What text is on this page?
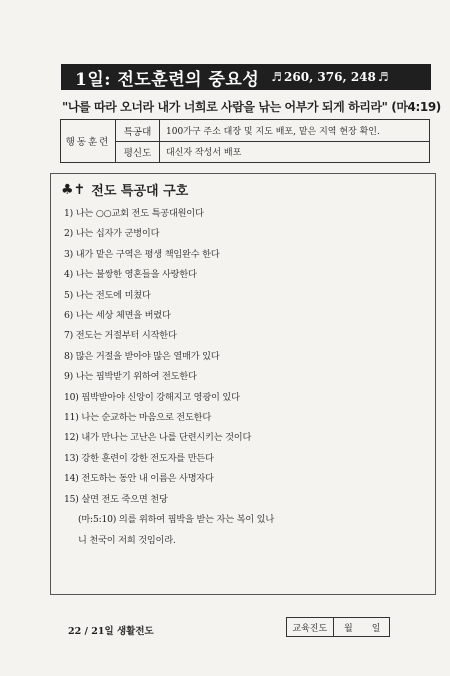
1일: 전도훈련의 중요성 ♬ 260, 376, 248 ♬
"나를 따라 오너라 내가 너희로 사람을 낚는 어부가 되게 하리라" (마4:19)
행동훈련
특공대	100가구 주소 대장 및 지도 배포, 맡은 지역 현장 확인.
평신도	대신자 작성서 배포
♣✝ 전도 특공대 구호
1) 나는 ○○교회 전도 특공대원이다
2) 나는 십자가 군병이다
3) 내가 맡은 구역은 평생 책임완수 한다
4) 나는 불쌍한 영혼들을 사랑한다
5) 나는 전도에 미쳤다
6) 나는 세상 체면을 버렸다
7) 전도는 거절부터 시작한다
8) 많은 거절을 받아야 많은 열매가 있다
9) 나는 핍박받기 위하여 전도한다
10) 핍박받아야 신앙이 강해지고 영광이 있다
11) 나는 순교하는 마음으로 전도한다
12) 내가 만나는 고난은 나를 단련시키는 것이다
13) 강한 훈련이 강한 전도자를 만든다
14) 전도하는 동안 내 이름은 사명자다
15) 살면 전도 죽으면 천당
(마:5:10) 의를 위하여 핍박을 받는 자는 복이 있나
니 천국이 저희 것임이라.
22 / 21일 생활전도	교육진도	월	일
